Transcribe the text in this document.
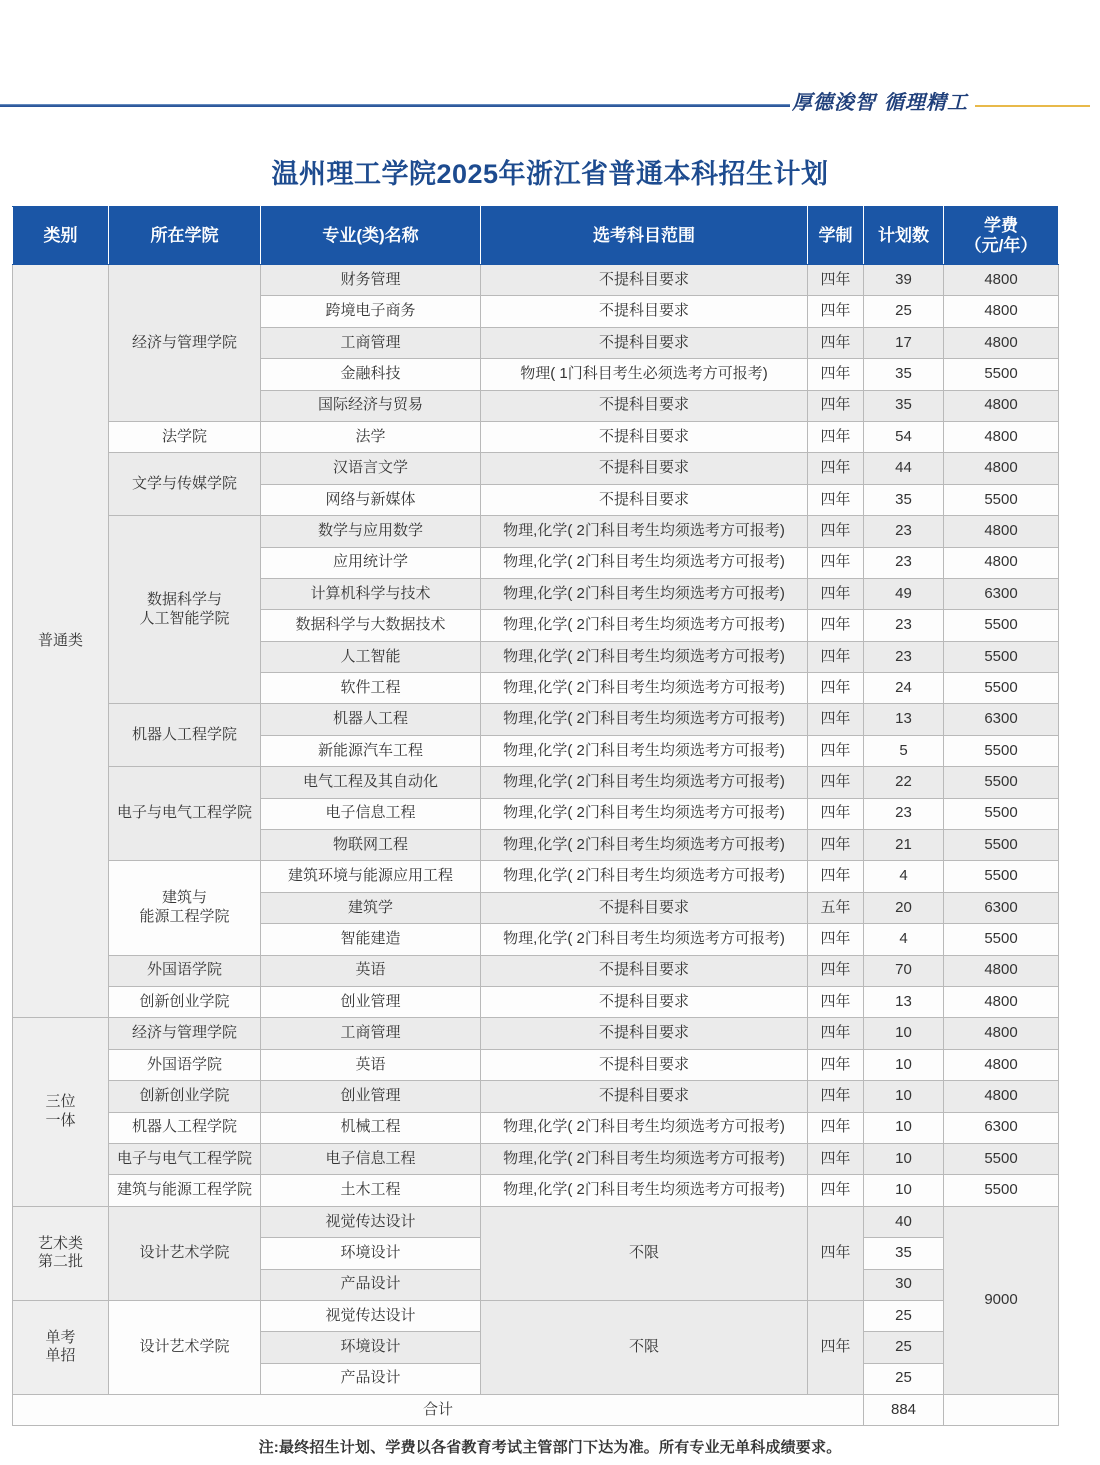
厚德浚智 循理精工
温州理工学院2025年浙江省普通本科招生计划
类别	所在学院	专业(类)名称	选考科目范围	学制	计划数	学费
（元/年）
普通类	经济与管理学院	财务管理	不提科目要求	四年	39	4800
		跨境电子商务	不提科目要求	四年	25	4800
		工商管理	不提科目要求	四年	17	4800
		金融科技	物理( 1门科目考生必须选考方可报考)	四年	35	5500
		国际经济与贸易	不提科目要求	四年	35	4800
	法学院	法学	不提科目要求	四年	54	4800
	文学与传媒学院	汉语言文学	不提科目要求	四年	44	4800
		网络与新媒体	不提科目要求	四年	35	5500
	数据科学与
人工智能学院	数学与应用数学	物理,化学( 2门科目考生均须选考方可报考)	四年	23	4800
		应用统计学	物理,化学( 2门科目考生均须选考方可报考)	四年	23	4800
		计算机科学与技术	物理,化学( 2门科目考生均须选考方可报考)	四年	49	6300
		数据科学与大数据技术	物理,化学( 2门科目考生均须选考方可报考)	四年	23	5500
		人工智能	物理,化学( 2门科目考生均须选考方可报考)	四年	23	5500
		软件工程	物理,化学( 2门科目考生均须选考方可报考)	四年	24	5500
	机器人工程学院	机器人工程	物理,化学( 2门科目考生均须选考方可报考)	四年	13	6300
		新能源汽车工程	物理,化学( 2门科目考生均须选考方可报考)	四年	5	5500
	电子与电气工程学院	电气工程及其自动化	物理,化学( 2门科目考生均须选考方可报考)	四年	22	5500
		电子信息工程	物理,化学( 2门科目考生均须选考方可报考)	四年	23	5500
		物联网工程	物理,化学( 2门科目考生均须选考方可报考)	四年	21	5500
	建筑与
能源工程学院	建筑环境与能源应用工程	物理,化学( 2门科目考生均须选考方可报考)	四年	4	5500
		建筑学	不提科目要求	五年	20	6300
		智能建造	物理,化学( 2门科目考生均须选考方可报考)	四年	4	5500
	外国语学院	英语	不提科目要求	四年	70	4800
	创新创业学院	创业管理	不提科目要求	四年	13	4800
三位
一体	经济与管理学院	工商管理	不提科目要求	四年	10	4800
	外国语学院	英语	不提科目要求	四年	10	4800
	创新创业学院	创业管理	不提科目要求	四年	10	4800
	机器人工程学院	机械工程	物理,化学( 2门科目考生均须选考方可报考)	四年	10	6300
	电子与电气工程学院	电子信息工程	物理,化学( 2门科目考生均须选考方可报考)	四年	10	5500
	建筑与能源工程学院	土木工程	物理,化学( 2门科目考生均须选考方可报考)	四年	10	5500
艺术类
第二批	设计艺术学院	视觉传达设计	不限	四年	40	9000
		环境设计			35	
		产品设计			30	
单考
单招	设计艺术学院	视觉传达设计	不限	四年	25	
		环境设计			25	
		产品设计			25	
合计					884	
注:最终招生计划、学费以各省教育考试主管部门下达为准。所有专业无单科成绩要求。
